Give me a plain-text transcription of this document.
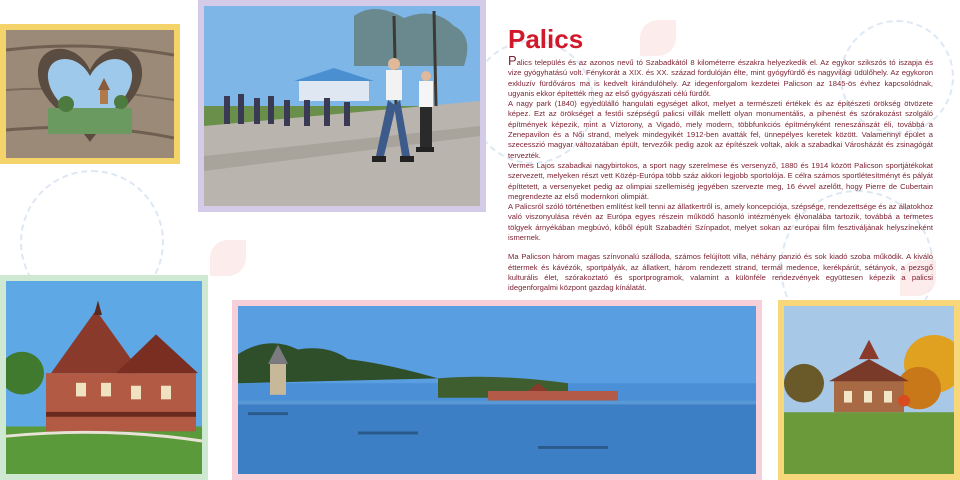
Palics

Palics település és az azonos nevű tó Szabadkától 8 kilométerre északra helyezkedik el. Az egykor szikszós tó iszapja és vize gyógyhatású volt. Fénykorát a XIX. és XX. század fordulóján élte, mint gyógyfürdő és nagyvilági üdülőhely. Az egykoron exkluzív fürdőváros ma is kedvelt kirándulóhely. Az idegenforgalom kezdetei Palicson az 1845-ös évhez kapcsolódnak, ugyanis ekkor építették meg az első gyógyászati célú fürdőt.

A nagy park (1840) egyedülálló hangulati egységet alkot, melyet a természeti értékek és az építészeti örökség ötvözete képez. Ezt az örökséget a festői szépségű palicsi villák mellett olyan monumentális, a pihenést és szórakozást szolgáló építmények képezik, mint a Víztorony, a Vigadó, mely modern, többfunkciós építményként reneszánszát éli, továbbá a Zenepavilon és a Női strand, melyek mindegyikét 1912-ben avatták fel, ünnepélyes keretek között. Valamennyi épület a szecesszió magyar változatában épült, tervezőik pedig azok az építészek voltak, akik a szabadkai Városházát és zsinagógát tervezték.

Vermes Lajos szabadkai nagybirtokos, a sport nagy szerelmese és versenyző, 1880 és 1914 között Palicson sportjátékokat szervezett, melyeken részt vett Közép-Európa több száz akkori legjobb sportolója. E célra számos sportlétesítményt és pályát építtetett, a versenyeket pedig az olimpiai szellemiség jegyében szervezte meg, 16 évvel azelőtt, hogy Pierre de Cubertain megrendezte az első modernkori olimpiát.

A Palicsról szóló történetben említést kell tenni az állatkertről is, amely koncepciója, szépsége, rendezettsége és az állatokhoz való viszonyulása révén az Európa egyes részein működő hasonló intézmények élvonalába tartozik, továbbá a termetes tölgyek árnyékában megbúvó, kőből épült Szabadtéri Színpadot, melyet sokan az európai film fesztiváljának helyszíneként ismernek.

Ma Palicson három magas színvonalú szálloda, számos felújított villa, néhány panzió és sok kiadó szoba működik. A kiváló éttermek és kávézók, sportpályák, az állatkert, három rendezett strand, termál medence, kerékpárút, sétányok, a pezsgő kulturális élet, szórakoztató és sportprogramok, valamint a különféle rendezvények együttesen képezik a palicsi idegenforgalmi központ gazdag kínálatát.
